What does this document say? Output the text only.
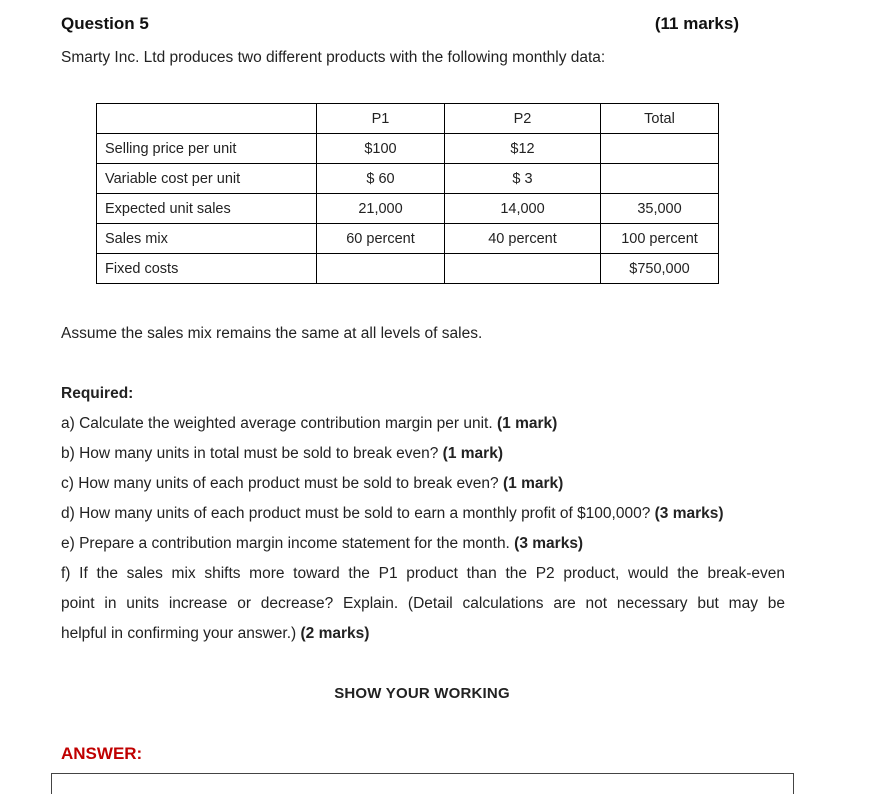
Question 5	(11 marks)
Smarty Inc. Ltd produces two different products with the following monthly data:
	P1	P2	Total
Selling price per unit	$100	$12	
Variable cost per unit	$ 60	$ 3	
Expected unit sales	21,000	14,000	35,000
Sales mix	60 percent	40 percent	100 percent
Fixed costs			$750,000
Assume the sales mix remains the same at all levels of sales.
Required:
a) Calculate the weighted average contribution margin per unit. (1 mark)
b) How many units in total must be sold to break even? (1 mark)
c) How many units of each product must be sold to break even? (1 mark)
d) How many units of each product must be sold to earn a monthly profit of $100,000? (3 marks)
e) Prepare a contribution margin income statement for the month. (3 marks)
f) If the sales mix shifts more toward the P1 product than the P2 product, would the break-even
point in units increase or decrease? Explain. (Detail calculations are not necessary but may be
helpful in confirming your answer.) (2 marks)
SHOW YOUR WORKING
ANSWER:
